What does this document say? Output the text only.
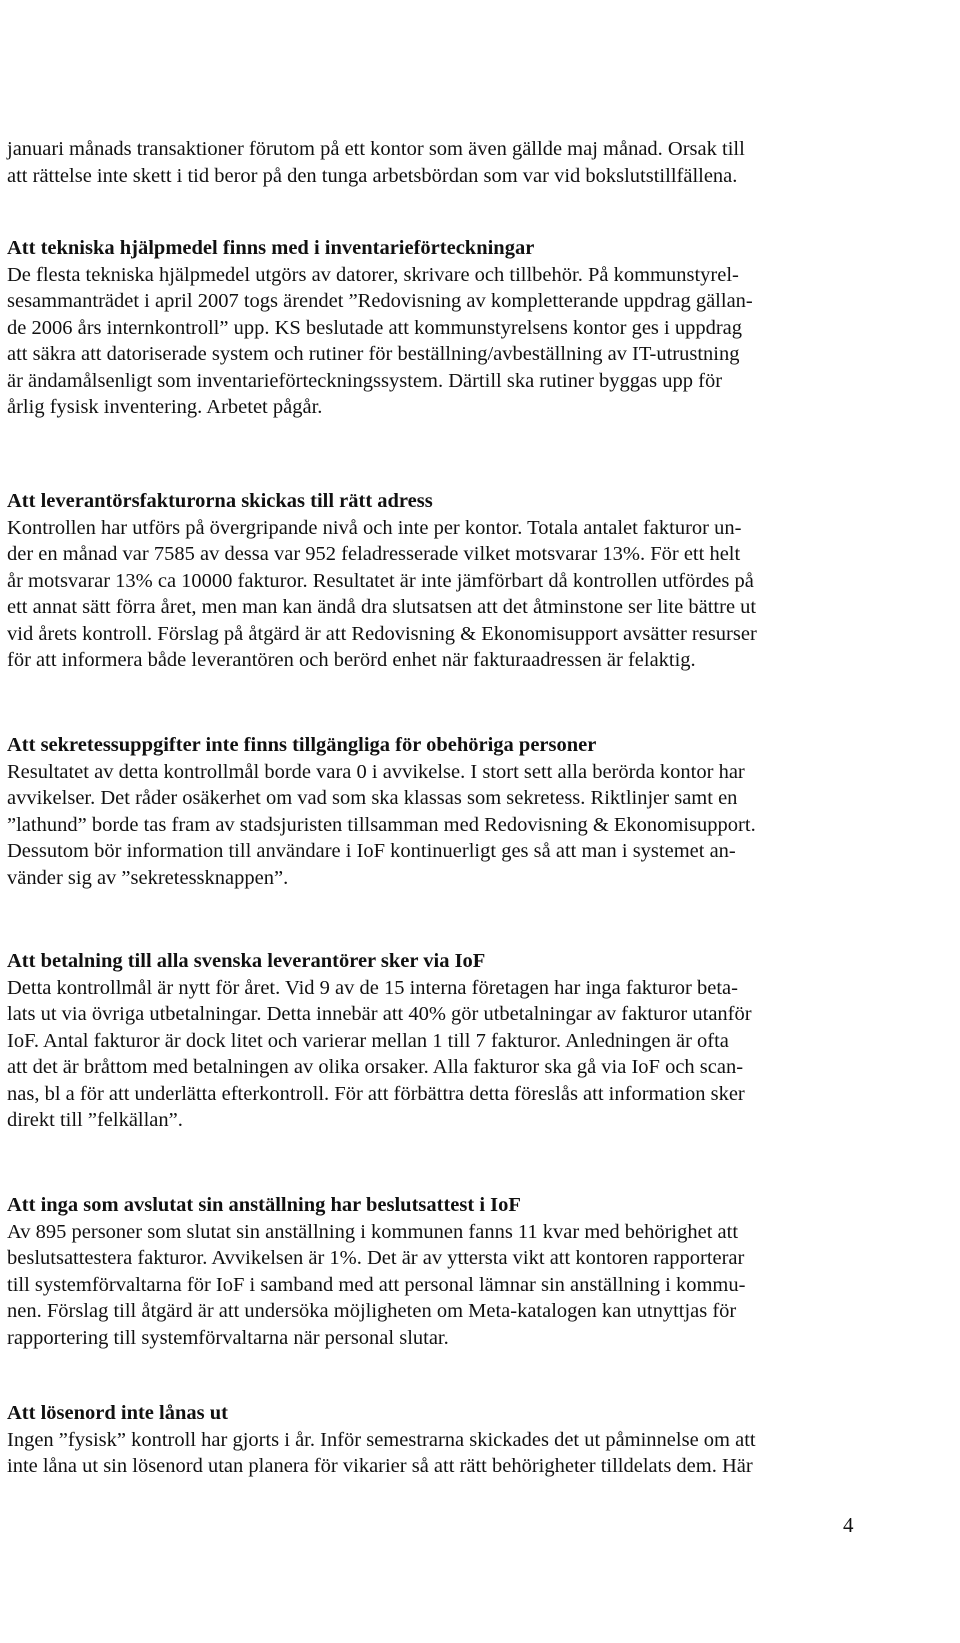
januari månads transaktioner förutom på ett kontor som även gällde maj månad. Orsak till
att rättelse inte skett i tid beror på den tunga arbetsbördan som var vid bokslutstillfällena.

Att tekniska hjälpmedel finns med i inventarieförteckningar
De flesta tekniska hjälpmedel utgörs av datorer, skrivare och tillbehör. På kommunstyrel-
sesammanträdet i april 2007 togs ärendet ”Redovisning av kompletterande uppdrag gällan-
de 2006 års internkontroll” upp. KS beslutade att kommunstyrelsens kontor ges i uppdrag
att säkra att datoriserade system och rutiner för beställning/avbeställning av IT-utrustning
är ändamålsenligt som inventarieförteckningssystem. Därtill ska rutiner byggas upp för
årlig fysisk inventering. Arbetet pågår.

Att leverantörsfakturorna skickas till rätt adress
Kontrollen har utförs på övergripande nivå och inte per kontor. Totala antalet fakturor un-
der en månad var 7585 av dessa var 952 feladresserade vilket motsvarar 13%. För ett helt
år motsvarar 13% ca 10000 fakturor. Resultatet är inte jämförbart då kontrollen utfördes på
ett annat sätt förra året, men man kan ändå dra slutsatsen att det åtminstone ser lite bättre ut
vid årets kontroll. Förslag på åtgärd är att Redovisning & Ekonomisupport avsätter resurser
för att informera både leverantören och berörd enhet när fakturaadressen är felaktig.

Att sekretessuppgifter inte finns tillgängliga för obehöriga personer
Resultatet av detta kontrollmål borde vara 0 i avvikelse. I stort sett alla berörda kontor har
avvikelser. Det råder osäkerhet om vad som ska klassas som sekretess. Riktlinjer samt en
”lathund” borde tas fram av stadsjuristen tillsamman med Redovisning & Ekonomisupport.
Dessutom bör information till användare i IoF kontinuerligt ges så att man i systemet an-
vänder sig av ”sekretessknappen”.

Att betalning till alla svenska leverantörer sker via IoF
Detta kontrollmål är nytt för året. Vid 9 av de 15 interna företagen har inga fakturor beta-
lats ut via övriga utbetalningar. Detta innebär att 40% gör utbetalningar av fakturor utanför
IoF. Antal fakturor är dock litet och varierar mellan 1 till 7 fakturor. Anledningen är ofta
att det är bråttom med betalningen av olika orsaker. Alla fakturor ska gå via IoF och scan-
nas, bl a för att underlätta efterkontroll. För att förbättra detta föreslås att information sker
direkt till ”felkällan”.

Att inga som avslutat sin anställning har beslutsattest i IoF
Av 895 personer som slutat sin anställning i kommunen fanns 11 kvar med behörighet att
beslutsattestera fakturor. Avvikelsen är 1%. Det är av yttersta vikt att kontoren rapporterar
till systemförvaltarna för IoF i samband med att personal lämnar sin anställning i kommu-
nen. Förslag till åtgärd är att undersöka möjligheten om Meta-katalogen kan utnyttjas för
rapportering till systemförvaltarna när personal slutar.

Att lösenord inte lånas ut
Ingen ”fysisk” kontroll har gjorts i år. Inför semestrarna skickades det ut påminnelse om att
inte låna ut sin lösenord utan planera för vikarier så att rätt behörigheter tilldelats dem. Här

4
